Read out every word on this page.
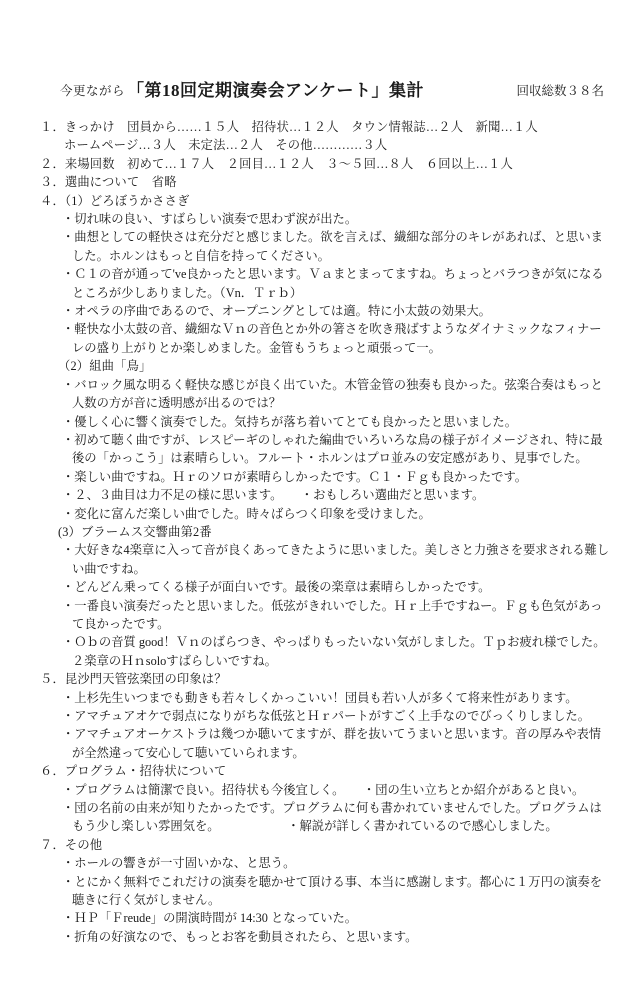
今更ながら 「第18回定期演奏会アンケート」集計	回収総数３８名
１．きっかけ　団員から……１５人　招待状…１２人　タウン情報誌…２人　新聞…１人
ホームページ…３人　未定法…２人　その他…………３人
２．来場回数　初めて…１７人　２回目…１２人　３～５回…８人　６回以上…１人
３．選曲について　省略
４．（1）どろぼうかささぎ
・切れ味の良い、すばらしい演奏で思わず涙が出た。
・曲想としての軽快さは充分だと感じました。欲を言えば、繊細な部分のキレがあれば、と思いました。ホルンはもっと自信を持ってください。
・Ｃ１の音が通って've良かったと思います。Ｖａまとまってますね。ちょっとバラつきが気になるところが少しありました。（Vn．Ｔｒｂ）
・オペラの序曲であるので、オープニングとしては適。特に小太鼓の効果大。
・軽快な小太鼓の音、繊細なＶｎの音色とか外の箸さを吹き飛ばすようなダイナミックなフィナーレの盛り上がりとか楽しめました。金管もうちょっと頑張って一。
（2）組曲「鳥」
・バロック風な明るく軽快な感じが良く出ていた。木管金管の独奏も良かった。弦楽合奏はもっと人数の方が音に透明感が出るのでは？
・優しく心に響く演奏でした。気持ちが落ち着いてとても良かったと思いました。
・初めて聴く曲ですが、レスピーギのしゃれた編曲でいろいろな鳥の様子がイメージされ、特に最後の「かっこう」は素晴らしい。フルート・ホルンはプロ並みの安定感があり、見事でした。
・楽しい曲ですね。Ｈｒのソロが素晴らしかったです。Ｃ１・Ｆｇも良かったです。
・２、３曲目は力不足の様に思います。　　・おもしろい選曲だと思います。
・変化に富んだ楽しい曲でした。時々ばらつく印象を受けました。
(3）ブラームス交響曲第2番
・大好きな4楽章に入って音が良くあってきたように思いました。美しさと力強さを要求される難しい曲ですね。
・どんどん乗ってくる様子が面白いです。最後の楽章は素晴らしかったです。
・一番良い演奏だったと思いました。低弦がきれいでした。Ｈｒ上手ですねー。Ｆｇも色気があって良かったです。
・Ｏｂの音質 good！Ｖｎのばらつき、やっぱりもったいない気がしました。Ｔｐお疲れ様でした。２楽章のＨｎsoloすばらしいですね。
５．昆沙門天管弦楽団の印象は？
・上杉先生いつまでも動きも若々しくかっこいい！団員も若い人が多くて将来性があります。
・アマチュアオケで弱点になりがちな低弦とＨｒパートがすごく上手なのでびっくりしました。
・アマチュアオーケストラは幾つか聴いてますが、群を抜いてうまいと思います。音の厚みや表情が全然違って安心して聴いていられます。
６．プログラム・招待状について
・プログラムは簡潔で良い。招待状も今後宜しく。　　・団の生い立ちとか紹介があると良い。
・団の名前の由来が知りたかったです。プログラムに何も書かれていませんでした。プログラムはもう少し楽しい雰囲気を。　　　　　　・解説が詳しく書かれているので感心しました。
７．その他
・ホールの響きが一寸固いかな、と思う。
・とにかく無料でこれだけの演奏を聴かせて頂ける事、本当に感謝します。都心に１万円の演奏を聴きに行く気がしません。
・ＨＰ「Ｆreude」の開演時間が 14:30 となっていた。
・折角の好演なので、もっとお客を動員されたら、と思います。
